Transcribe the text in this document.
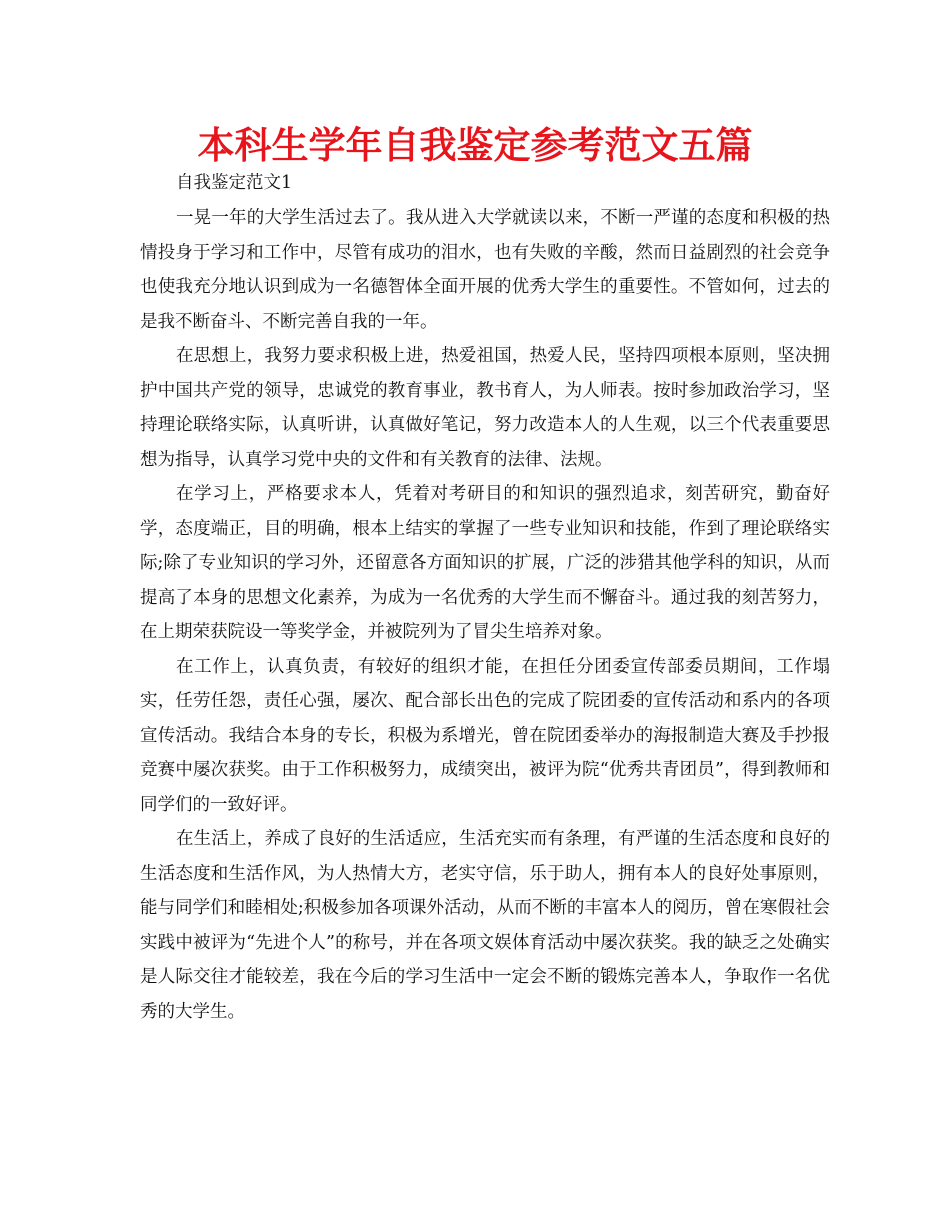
本科生学年自我鉴定参考范文五篇

自我鉴定范文1

一晃一年的大学生活过去了。我从进入大学就读以来，不断一严谨的态度和积极的热情投身于学习和工作中，尽管有成功的泪水，也有失败的辛酸，然而日益剧烈的社会竞争也使我充分地认识到成为一名德智体全面开展的优秀大学生的重要性。不管如何，过去的是我不断奋斗、不断完善自我的一年。

在思想上，我努力要求积极上进，热爱祖国，热爱人民，坚持四项根本原则，坚决拥护中国共产党的领导，忠诚党的教育事业，教书育人，为人师表。按时参加政治学习，坚持理论联络实际，认真听讲，认真做好笔记，努力改造本人的人生观，以三个代表重要思想为指导，认真学习党中央的文件和有关教育的法律、法规。

在学习上，严格要求本人，凭着对考研目的和知识的强烈追求，刻苦研究，勤奋好学，态度端正，目的明确，根本上结实的掌握了一些专业知识和技能，作到了理论联络实际;除了专业知识的学习外，还留意各方面知识的扩展，广泛的涉猎其他学科的知识，从而提高了本身的思想文化素养，为成为一名优秀的大学生而不懈奋斗。通过我的刻苦努力，在上期荣获院设一等奖学金，并被院列为了冒尖生培养对象。

在工作上，认真负责，有较好的组织才能，在担任分团委宣传部委员期间，工作塌实，任劳任怨，责任心强，屡次、配合部长出色的完成了院团委的宣传活动和系内的各项宣传活动。我结合本身的专长，积极为系增光，曾在院团委举办的海报制造大赛及手抄报竞赛中屡次获奖。由于工作积极努力，成绩突出，被评为院“优秀共青团员”，得到教师和同学们的一致好评。

在生活上，养成了良好的生活适应，生活充实而有条理，有严谨的生活态度和良好的生活态度和生活作风，为人热情大方，老实守信，乐于助人，拥有本人的良好处事原则，能与同学们和睦相处;积极参加各项课外活动，从而不断的丰富本人的阅历，曾在寒假社会实践中被评为“先进个人”的称号，并在各项文娱体育活动中屡次获奖。我的缺乏之处确实是人际交往才能较差，我在今后的学习生活中一定会不断的锻炼完善本人，争取作一名优秀的大学生。
